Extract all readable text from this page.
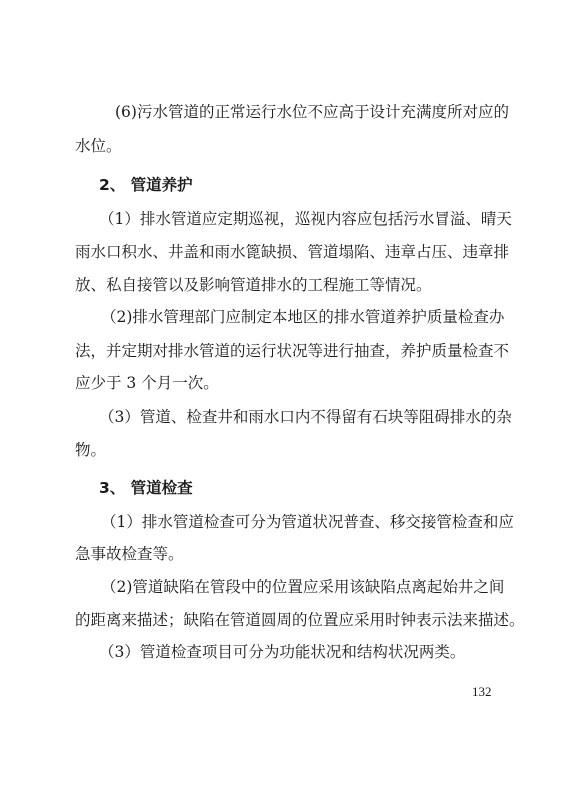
(6)污水管道的正常运行水位不应高于设计充满度所对应的
水位。
2、 管道养护
（1）排水管道应定期巡视，巡视内容应包括污水冒溢、晴天
雨水口积水、井盖和雨水篦缺损、管道塌陷、违章占压、违章排
放、私自接管以及影响管道排水的工程施工等情况。
（2)排水管理部门应制定本地区的排水管道养护质量检查办
法，并定期对排水管道的运行状况等进行抽查，养护质量检查不
应少于 3 个月一次。
（3）管道、检查井和雨水口内不得留有石块等阻碍排水的杂
物。
3、 管道检查
（1）排水管道检查可分为管道状况普查、移交接管检查和应
急事故检查等。
（2)管道缺陷在管段中的位置应采用该缺陷点离起始井之间
的距离来描述；缺陷在管道圆周的位置应采用时钟表示法来描述。
（3）管道检查项目可分为功能状况和结构状况两类。
132
